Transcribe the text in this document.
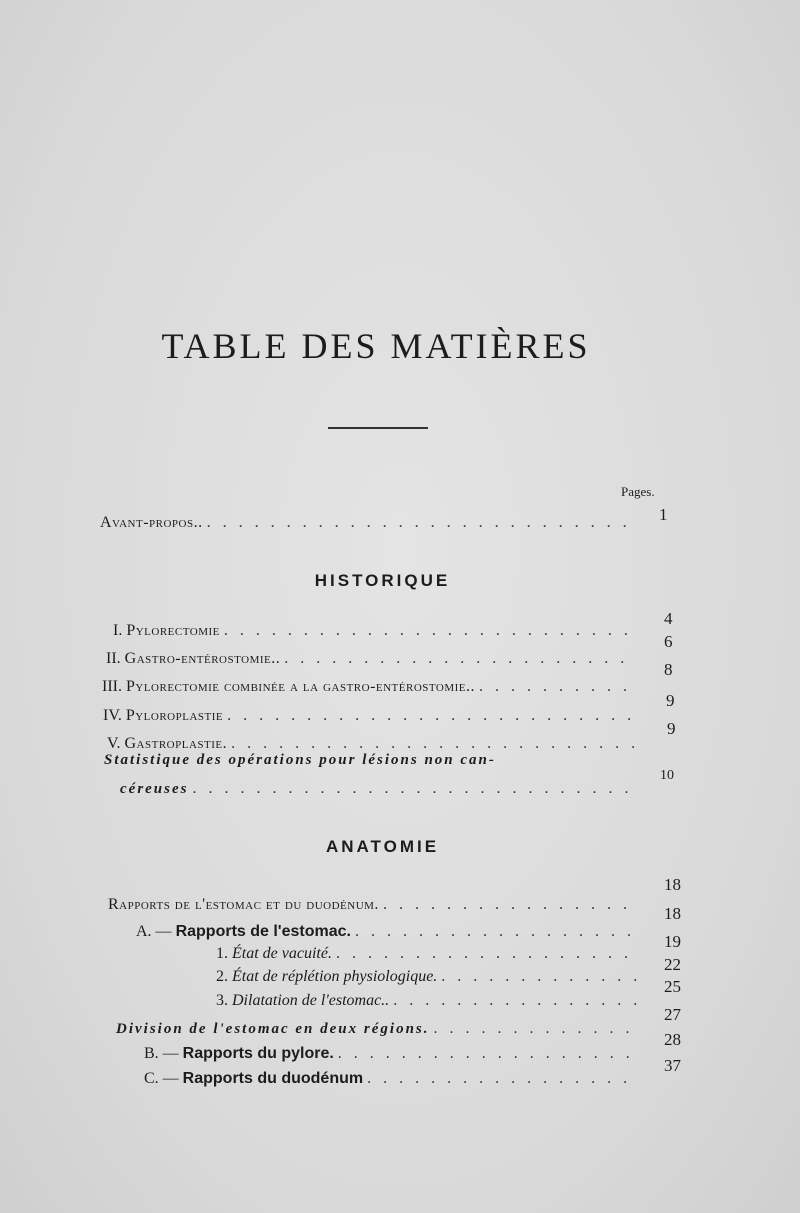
TABLE DES MATIÈRES
Pages.
Avant-propos..
. . .	1
HISTORIQUE
I. Pylorectomie
. . .
4
II. Gastro-entérostomie..
. . .
6
III. Pylorectomie combinée a la gastro-entérostomie..
. . .
8
IV. Pyloroplastie
. . .
9
V. Gastroplastie.
. . .
9
Statistique des opérations pour lésions non can-
céreuses
. . .
10
ANATOMIE
Rapports de l'estomac et du duodénum.
. . .
18
A. — Rapports de l'estomac.
. . .
18
1. État de vacuité.
. . .
19
2. État de réplétion physiologique.
. . .
22
3. Dilatation de l'estomac..
. . .
25
Division de l'estomac en deux régions.
. . .
27
B. — Rapports du pylore.
. . .
28
C. — Rapports du duodénum
. . .
37
